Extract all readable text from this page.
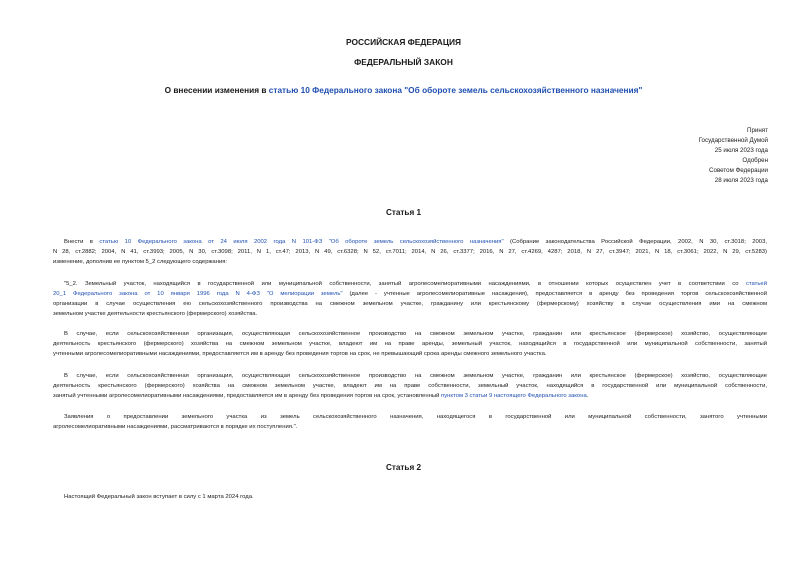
РОССИЙСКАЯ ФЕДЕРАЦИЯ
ФЕДЕРАЛЬНЫЙ ЗАКОН
О внесении изменения в статью 10 Федерального закона "Об обороте земель сельскохозяйственного назначения"
Принят
Государственной Думой
25 июля 2023 года
Одобрен
Советом Федерации
28 июля 2023 года
Статья 1
Внести в статью 10 Федерального закона от 24 июля 2002 года N 101-ФЗ "Об обороте земель сельскохозяйственного назначения" (Собрание законодательства Российской Федерации, 2002, N 30, ст.3018; 2003,
N 28, ст.2882; 2004, N 41, ст.3993; 2005, N 30, ст.3098; 2011, N 1, ст.47; 2013, N 49, ст.6328; N 52, ст.7011; 2014, N 26, ст.3377; 2016, N 27, ст.4269, 4287; 2018, N 27, ст.3947; 2021, N 18, ст.3061; 2022, N 29, ст.5283)
изменение, дополнив ее пунктом 5_2 следующего содержания:
"5_2. Земельный участок, находящийся в государственной или муниципальной собственности, занятый агролесомелиоративными насаждениями, в отношении которых осуществлен учет в соответствии со статьей
20_1 Федерального закона от 10 января 1996 года N 4-ФЗ "О мелиорации земель" (далее - учтенные агролесомелиоративные насаждения), предоставляется в аренду без проведения торгов сельскохозяйственной
организации в случае осуществления ею сельскохозяйственного производства на смежном земельном участке, гражданину или крестьянскому (фермерскому) хозяйству в случае осуществления ими на смежном
земельном участке деятельности крестьянского (фермерского) хозяйства.
В случае, если сельскохозяйственная организация, осуществляющая сельскохозяйственное производство на смежном земельном участке, гражданин или крестьянское (фермерское) хозяйство, осуществляющие
деятельность крестьянского (фермерского) хозяйства на смежном земельном участке, владеют им на праве аренды, земельный участок, находящийся в государственной или муниципальной собственности, занятый
учтенными агролесомелиоративными насаждениями, предоставляется им в аренду без проведения торгов на срок, не превышающий срока аренды смежного земельного участка.
В случае, если сельскохозяйственная организация, осуществляющая сельскохозяйственное производство на смежном земельном участке, гражданин или крестьянское (фермерское) хозяйство, осуществляющие
деятельность крестьянского (фермерского) хозяйства на смежном земельном участке, владеют им на праве собственности, земельный участок, находящийся в государственной или муниципальной собственности,
занятый учтенными агролесомелиоративными насаждениями, предоставляется им в аренду без проведения торгов на срок, установленный пунктом 3 статьи 9 настоящего Федерального закона.
Заявления о предоставлении земельного участка из земель сельскохозяйственного назначения, находящегося в государственной или муниципальной собственности, занятого учтенными
агролесомелиоративными насаждениями, рассматриваются в порядке их поступления.".
Статья 2
Настоящий Федеральный закон вступает в силу с 1 марта 2024 года.
